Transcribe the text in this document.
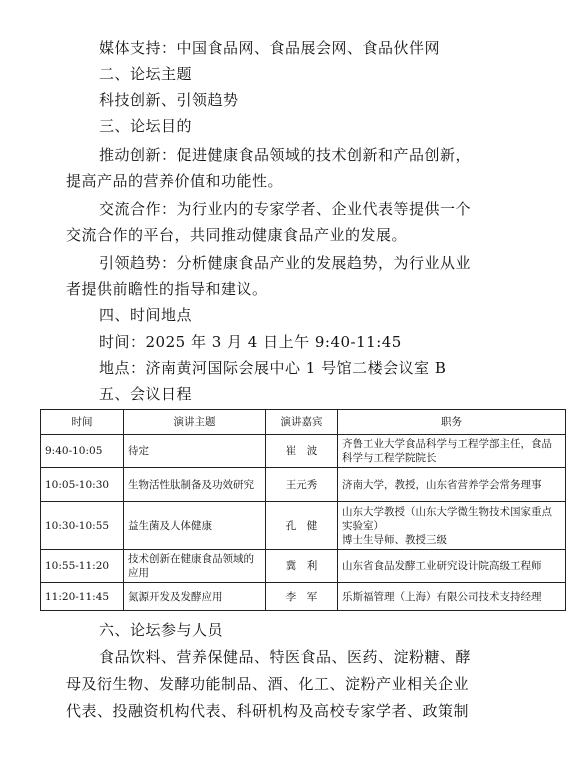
媒体支持：中国食品网、食品展会网、食品伙伴网
二、论坛主题
科技创新、引领趋势
三、论坛目的
推动创新：促进健康食品领域的技术创新和产品创新，
提高产品的营养价值和功能性。
交流合作：为行业内的专家学者、企业代表等提供一个
交流合作的平台，共同推动健康食品产业的发展。
引领趋势：分析健康食品产业的发展趋势，为行业从业
者提供前瞻性的指导和建议。
四、时间地点
时间：2025 年 3 月 4 日上午 9:40-11:45
地点：济南黄河国际会展中心 1 号馆二楼会议室 B
五、会议日程
时间	演讲主题	演讲嘉宾	职务
9:40-10:05	待定	崔　波	齐鲁工业大学食品科学与工程学部主任，食品科学与工程学院院长
10:05-10:30	生物活性肽制备及功效研究	王元秀	济南大学，教授，山东省营养学会常务理事
10:30-10:55	益生菌及人体健康	孔　健	山东大学教授（山东大学微生物技术国家重点实验室）
博士生导师、教授三级
10:55-11:20	技术创新在健康食品领域的应用	冀　利	山东省食品发酵工业研究设计院高级工程师
11:20-11:45	氮源开发及发酵应用	李　军	乐斯福管理（上海）有限公司技术支持经理
六、论坛参与人员
食品饮料、营养保健品、特医食品、医药、淀粉糖、酵
母及衍生物、发酵功能制品、酒、化工、淀粉产业相关企业
代表、投融资机构代表、科研机构及高校专家学者、政策制
